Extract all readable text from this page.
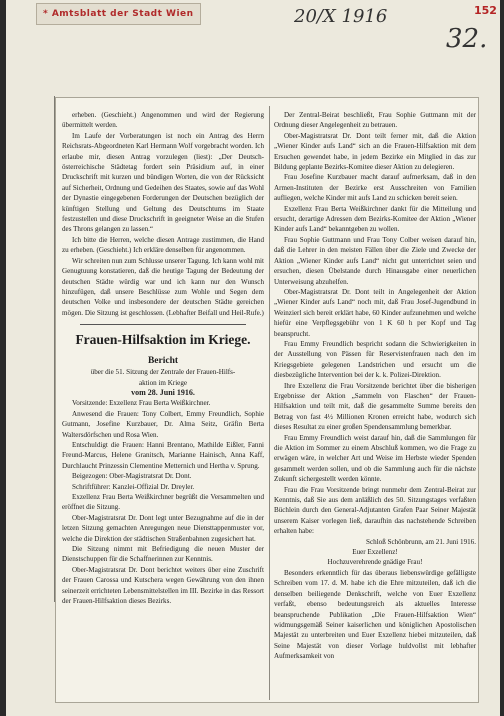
* Amtsblatt der Stadt Wien	20/X 1916	152
32.

erheben. (Geschieht.) Angenommen und wird der Regierung übermittelt werden.

Im Laufe der Vorberatungen ist noch ein Antrag des Herrn Reichsrats-Abgeordneten Karl Hermann Wolf vorgebracht worden. Ich erlaube mir, diesen Antrag vorzulegen (liest): „Der Deutsch-österreichische Städtetag fordert sein Präsidium auf, in einer Druckschrift mit kurzen und bündigen Worten, die von der Rücksicht auf Sicherheit, Ordnung und Gedeihen des Staates, sowie auf das Wohl der Dynastie eingegebenen Forderungen der Deutschen bezüglich der künftigen Stellung und Geltung des Deutschtums im Staate festzustellen und diese Druckschrift in geeigneter Weise an die Stufen des Throns gelangen zu lassen.“

Ich bitte die Herren, welche diesen Antrage zustimmen, die Hand zu erheben. (Geschieht.) Ich erkläre denselben für angenommen.

Wir schreiten nun zum Schlusse unserer Tagung. Ich kann wohl mit Genugtuung konstatieren, daß die heutige Tagung der Bedeutung der deutschen Städte würdig war und ich kann nur den Wunsch hinzufügen, daß unsere Beschlüsse zum Wohle und Segen dem deutschen Volke und insbesondere der deutschen Städte gereichen mögen. Die Sitzung ist geschlossen. (Lebhafter Beifall und Heil-Rufe.)

Frauen-Hilfsaktion im Kriege.
Bericht
über die 51. Sitzung der Zentrale der Frauen-Hilfs-
aktion im Kriege
vom 28. Juni 1916.

Vorsitzende: Exzellenz Frau Berta Weißkirchner.

Anwesend die Frauen: Tony Colbert, Emmy Freundlich, Sophie Gutmann, Josefine Kurzbauer, Dr. Alma Seitz, Gräfin Berta Waltersdörfschen und Rosa Wien.

Entschuldigt die Frauen: Hanni Brentano, Mathilde Eißler, Fanni Freund-Marcus, Helene Granitsch, Marianne Hainisch, Anna Kaff, Durchlaucht Prinzessin Clementine Metternich und Hertha v. Sprung.

Beigezogen: Ober-Magistratsrat Dr. Dont.

Schriftführer: Kanzlei-Offizial Dr. Dreyler.

Exzellenz Frau Berta Weißkirchner begrüßt die Versammelten und eröffnet die Sitzung.

Ober-Magistratsrat Dr. Dont legt unter Bezugnahme auf die in der letzen Sitzung gemachten Anregungen neue Diensttappenmuster vor, welche die Direktion der städtischen Straßenbahnen zugesichert hat.

Die Sitzung nimmt mit Befriedigung die neuen Muster der Dienstschuppen für die Schaffnerinnen zur Kenntnis.

Ober-Magistratsrat Dr. Dont berichtet weiters über eine Zuschrift der Frauen Carossa und Kutschera wegen Gewährung von den ihnen seinerzeit errichteten Lebensmittelstellen im III. Bezirke in das Ressort der Frauen-Hilfsaktion dieses Bezirks.

Der Zentral-Beirat beschließt, Frau Sophie Guttmann mit der Ordnung dieser Angelegenheit zu betrauen.

Ober-Magistratsrat Dr. Dont teilt ferner mit, daß die Aktion „Wiener Kinder aufs Land“ sich an die Frauen-Hilfsaktion mit dem Ersuchen gewendet habe, in jedem Bezirke ein Mitglied in das zur Bildung geplante Bezirks-Komitee dieser Aktion zu delegieren.

Frau Josefine Kurzbauer macht darauf aufmerksam, daß in den Armen-Instituten der Bezirke erst Ausschreiten von Familien aufliegen, welche Kinder mit aufs Land zu schicken bereit seien.

Exzellenz Frau Berta Weißkirchner dankt für die Mitteilung und ersucht, derartige Adressen dem Bezirks-Komitee der Aktion „Wiener Kinder aufs Land“ bekanntgeben zu wollen.

Frau Sophie Guttmann und Frau Tony Colber weisen darauf hin, daß die Lehrer in den meisten Fällen über die Ziele und Zwecke der Aktion „Wiener Kinder aufs Land“ nicht gut unterrichtet seien und ersuchen, diesen Übelstande durch Hinausgabe einer neuerlichen Unterweisung abzuhelfen.

Ober-Magistratsrat Dr. Dont teilt in Angelegenheit der Aktion „Wiener Kinder aufs Land“ noch mit, daß Frau Josef-Jugendbund in Weinzierl sich bereit erklärt habe, 60 Kinder aufzunehmen und welche hiefür eine Verpflegsgebühr von 1 K 60 h per Kopf und Tag beansprucht.

Frau Emmy Freundlich bespricht sodann die Schwierigkeiten in der Ausstellung von Pässen für Reservistenfrauen nach den im Kriegsgebiete gelegenen Landstrichen und ersucht um die diesbezügliche Intervention bei der k. k. Polizei-Direktion.

Ihre Exzellenz die Frau Vorsitzende berichtet über die bisherigen Ergebnisse der Aktion „Sammeln von Flaschen“ der Frauen-Hilfsaktion und teilt mit, daß die gesammelte Summe bereits den Betrag von fast 4½ Millionen Kronen erreicht habe, wodurch sich dieses Resultat zu einer großen Spendensammlung bemerkbar.

Frau Emmy Freundlich weist darauf hin, daß die Sammlungen für die Aktion im Sommer zu einem Abschluß kommen, wo die Frage zu erwägen wäre, in welcher Art und Weise im Herbste wieder Spenden gesammelt werden sollen, und ob die Sammlung auch für die nächste Zukunft sichergestellt werden könnte.

Frau die Frau Vorsitzende bringt nunmehr dem Zentral-Beirat zur Kenntnis, daß Sie aus dem anläßlich des 50. Sitzungstages verfaßten Büchlein durch den General-Adjutanten Grafen Paar Seiner Majestät unserem Kaiser vorlegen ließ, daraufhin das nachstehende Schreiben erhalten habe:

Schloß Schönbrunn, am 21. Juni 1916.

Euer Exzellenz!

Hochzuverehrende gnädige Frau!

Besonders erkenntlich für das überaus liebenswürdige gefälligste Schreiben vom 17. d. M. habe ich die Ehre mitzuteilen, daß ich die denselben beiliegende Denkschrift, welche von Euer Exzellenz verfaßt, ebenso bedeutungsreich als aktuelles Interesse beanspruchende Publikation „Die Frauen-Hilfsaktion Wien“ widmungsgemäß Seiner kaiserlichen und königlichen Apostolischen Majestät zu unterbreiten und Euer Exzellenz hiebei mitzuteilen, daß Seine Majestät von dieser Vorlage huldvollst mit lebhafter Aufmerksamkeit von
